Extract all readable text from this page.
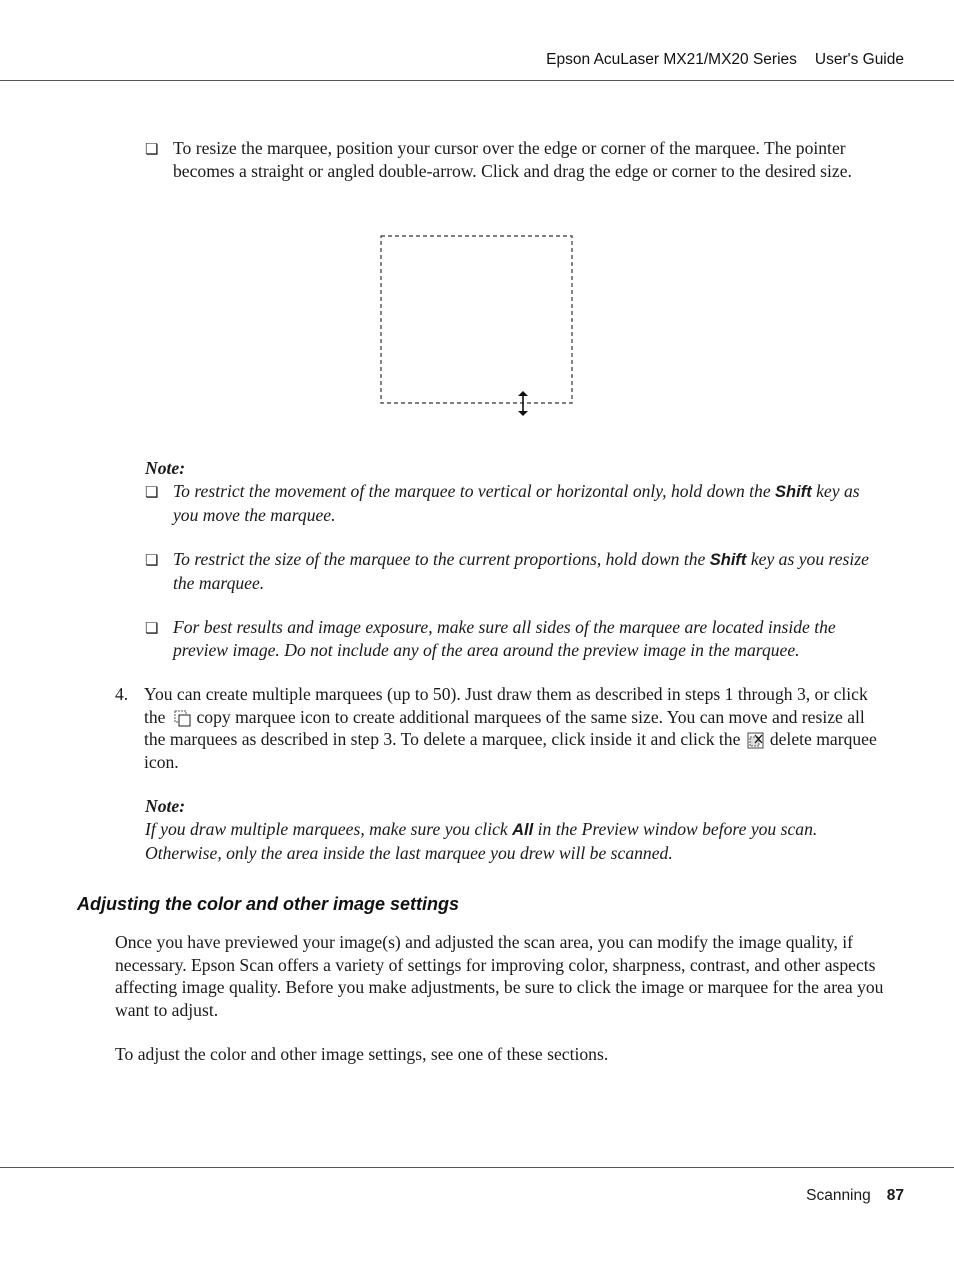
Epson AcuLaser MX21/MX20 Series User's Guide
❏ To resize the marquee, position your cursor over the edge or corner of the marquee. The pointer becomes a straight or angled double-arrow. Click and drag the edge or corner to the desired size.
Note:
❏ To restrict the movement of the marquee to vertical or horizontal only, hold down the Shift key as you move the marquee.
❏ To restrict the size of the marquee to the current proportions, hold down the Shift key as you resize the marquee.
❏ For best results and image exposure, make sure all sides of the marquee are located inside the preview image. Do not include any of the area around the preview image in the marquee.
4. You can create multiple marquees (up to 50). Just draw them as described in steps 1 through 3, or click the copy marquee icon to create additional marquees of the same size. You can move and resize all the marquees as described in step 3. To delete a marquee, click inside it and click the delete marquee icon.
Note:
If you draw multiple marquees, make sure you click All in the Preview window before you scan. Otherwise, only the area inside the last marquee you drew will be scanned.
Adjusting the color and other image settings
Once you have previewed your image(s) and adjusted the scan area, you can modify the image quality, if necessary. Epson Scan offers a variety of settings for improving color, sharpness, contrast, and other aspects affecting image quality. Before you make adjustments, be sure to click the image or marquee for the area you want to adjust.
To adjust the color and other image settings, see one of these sections.
Scanning 87
